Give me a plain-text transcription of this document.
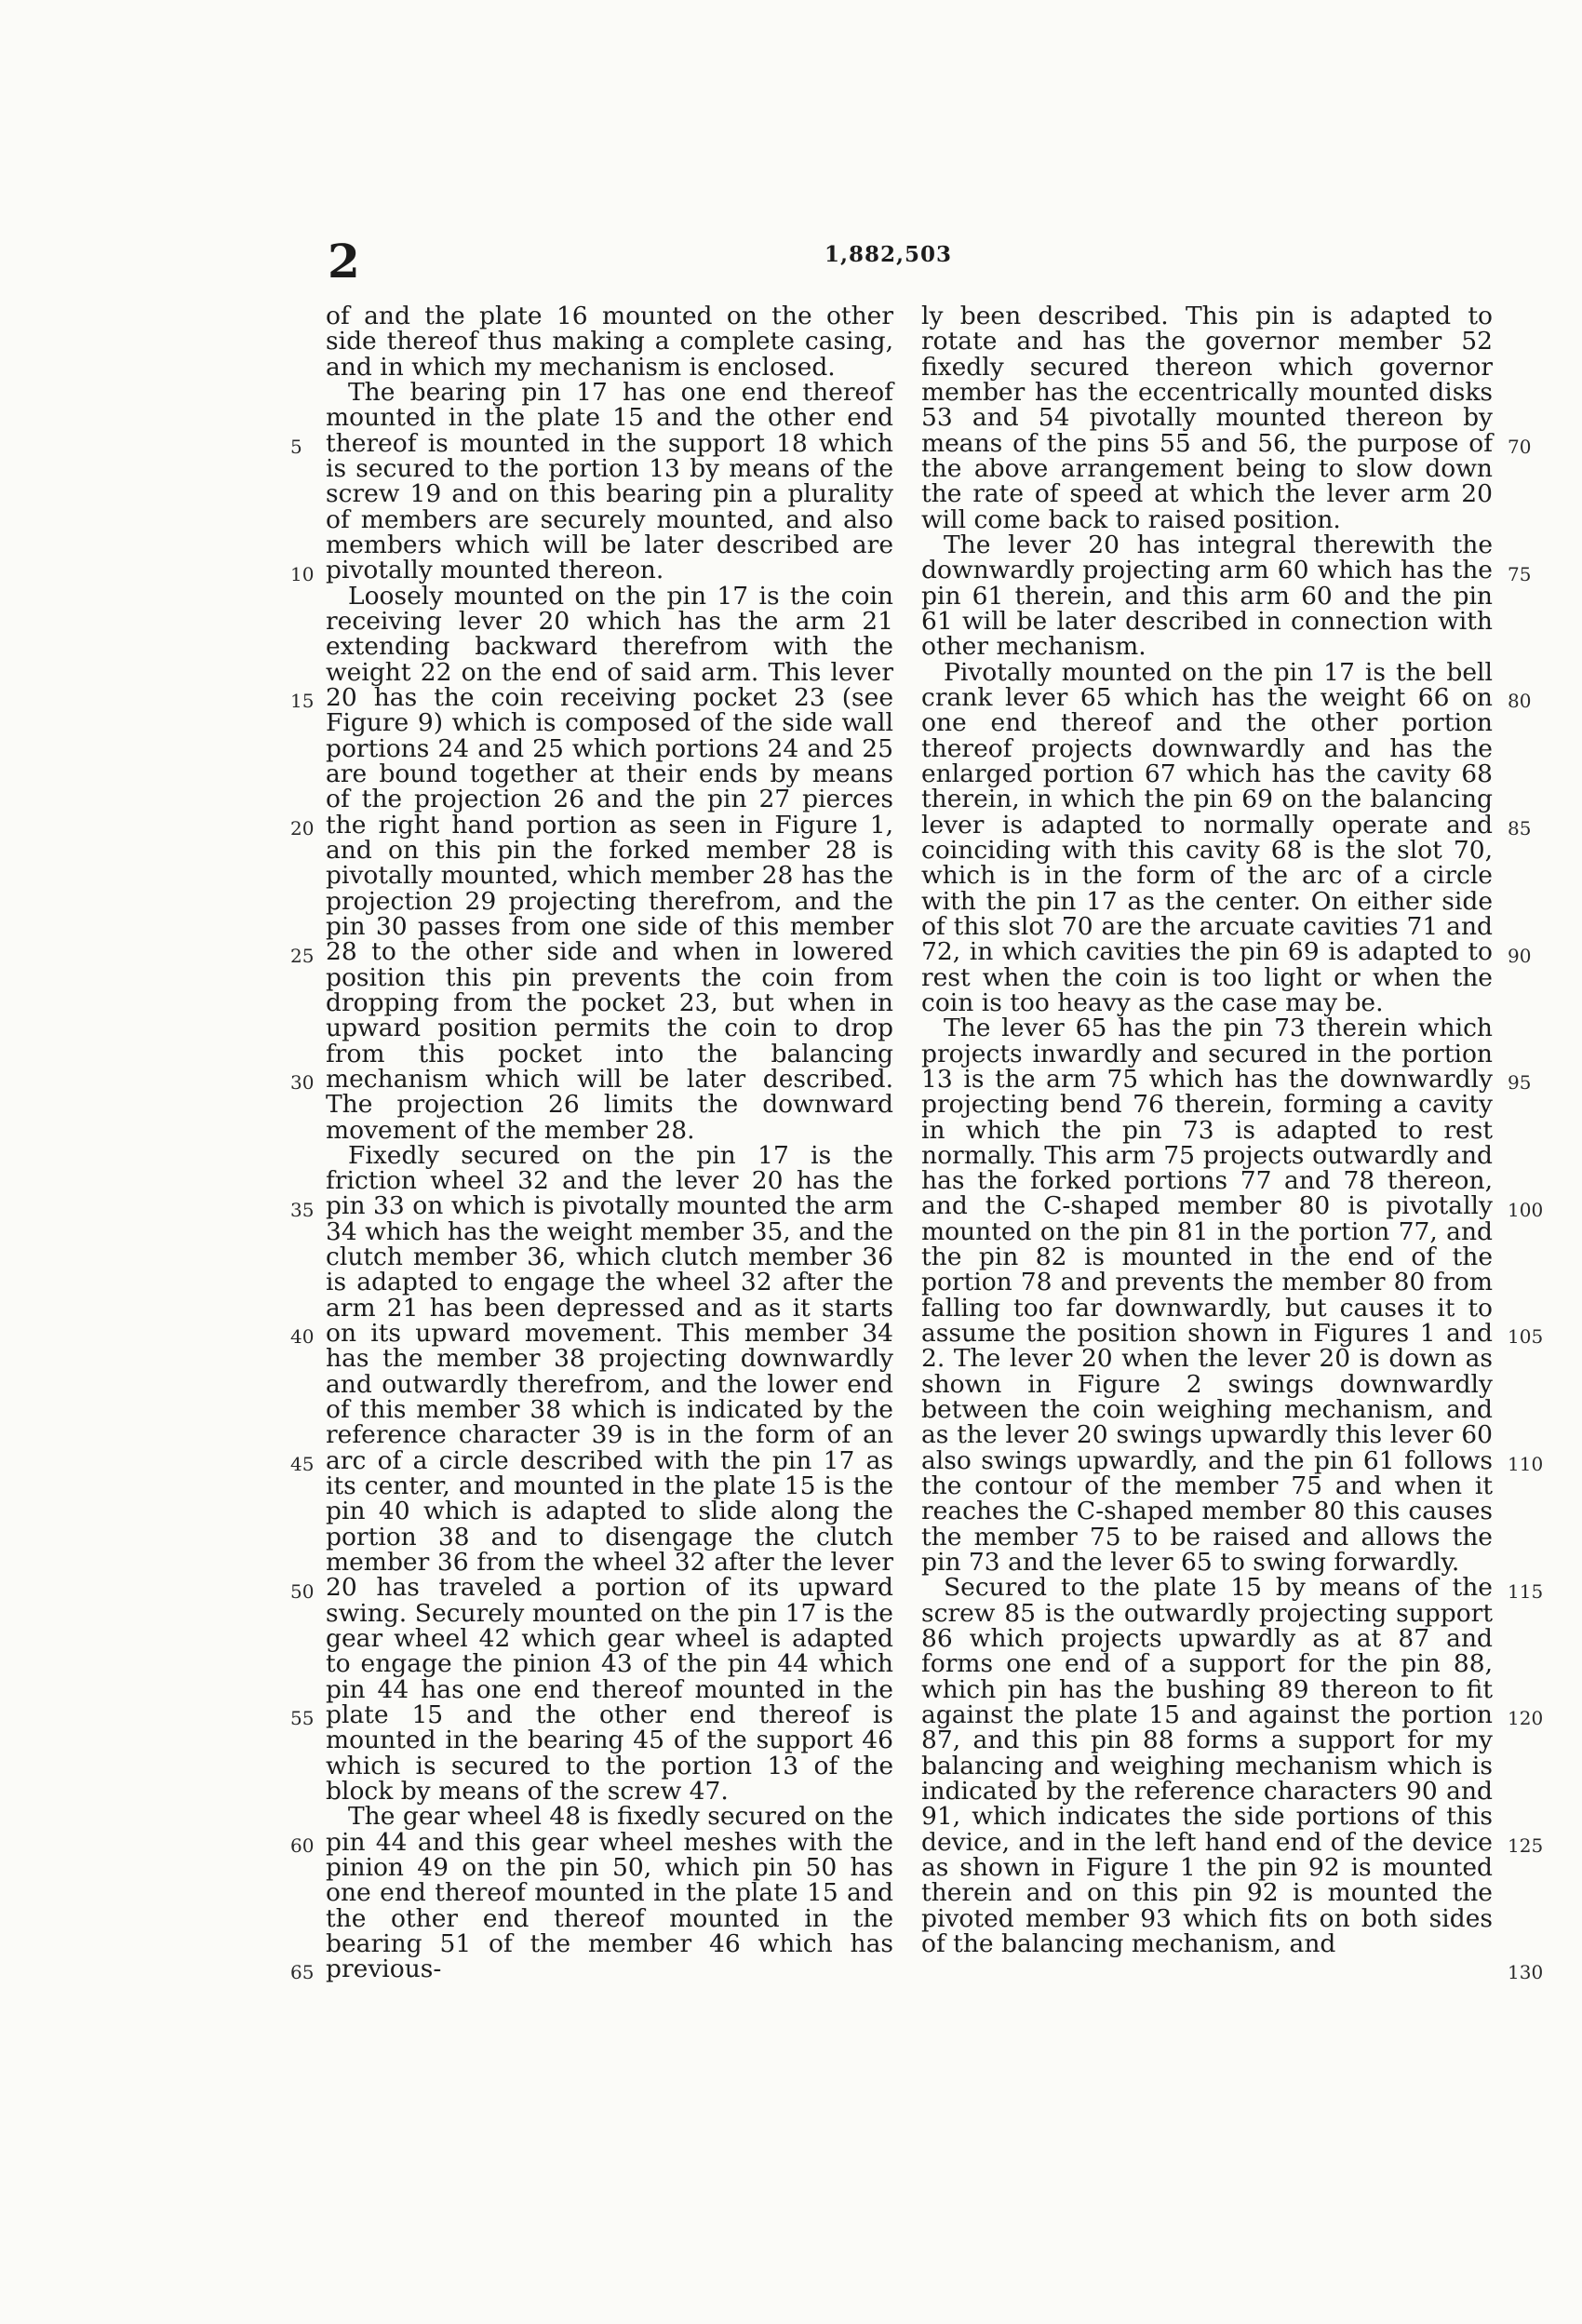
2	1,882,503

of and the plate 16 mounted on the other side thereof thus making a complete casing, and in which my mechanism is enclosed.

The bearing pin 17 has one end thereof mounted in the plate 15 and the other end thereof is mounted in the support 18 which is secured to the portion 13 by means of the screw 19 and on this bearing pin a plurality of members are securely mounted, and also members which will be later described are pivotally mounted thereon.

Loosely mounted on the pin 17 is the coin receiving lever 20 which has the arm 21 extending backward therefrom with the weight 22 on the end of said arm. This lever 20 has the coin receiving pocket 23 (see Figure 9) which is composed of the side wall portions 24 and 25 which portions 24 and 25 are bound together at their ends by means of the projection 26 and the pin 27 pierces the right hand portion as seen in Figure 1, and on this pin the forked member 28 is pivotally mounted, which member 28 has the projection 29 projecting therefrom, and the pin 30 passes from one side of this member 28 to the other side and when in lowered position this pin prevents the coin from dropping from the pocket 23, but when in upward position permits the coin to drop from this pocket into the balancing mechanism which will be later described. The projection 26 limits the downward movement of the member 28.

Fixedly secured on the pin 17 is the friction wheel 32 and the lever 20 has the pin 33 on which is pivotally mounted the arm 34 which has the weight member 35, and the clutch member 36, which clutch member 36 is adapted to engage the wheel 32 after the arm 21 has been depressed and as it starts on its upward movement. This member 34 has the member 38 projecting downwardly and outwardly therefrom, and the lower end of this member 38 which is indicated by the reference character 39 is in the form of an arc of a circle described with the pin 17 as its center, and mounted in the plate 15 is the pin 40 which is adapted to slide along the portion 38 and to disengage the clutch member 36 from the wheel 32 after the lever 20 has traveled a portion of its upward swing. Securely mounted on the pin 17 is the gear wheel 42 which gear wheel is adapted to engage the pinion 43 of the pin 44 which pin 44 has one end thereof mounted in the plate 15 and the other end thereof is mounted in the bearing 45 of the support 46 which is secured to the portion 13 of the block by means of the screw 47.

The gear wheel 48 is fixedly secured on the pin 44 and this gear wheel meshes with the pinion 49 on the pin 50, which pin 50 has one end thereof mounted in the plate 15 and the other end thereof mounted in the bearing 51 of the member 46 which has previous-

ly been described. This pin is adapted to rotate and has the governor member 52 fixedly secured thereon which governor member has the eccentrically mounted disks 53 and 54 pivotally mounted thereon by means of the pins 55 and 56, the purpose of the above arrangement being to slow down the rate of speed at which the lever arm 20 will come back to raised position.

The lever 20 has integral therewith the downwardly projecting arm 60 which has the pin 61 therein, and this arm 60 and the pin 61 will be later described in connection with other mechanism.

Pivotally mounted on the pin 17 is the bell crank lever 65 which has the weight 66 on one end thereof and the other portion thereof projects downwardly and has the enlarged portion 67 which has the cavity 68 therein, in which the pin 69 on the balancing lever is adapted to normally operate and coinciding with this cavity 68 is the slot 70, which is in the form of the arc of a circle with the pin 17 as the center. On either side of this slot 70 are the arcuate cavities 71 and 72, in which cavities the pin 69 is adapted to rest when the coin is too light or when the coin is too heavy as the case may be.

The lever 65 has the pin 73 therein which projects inwardly and secured in the portion 13 is the arm 75 which has the downwardly projecting bend 76 therein, forming a cavity in which the pin 73 is adapted to rest normally. This arm 75 projects outwardly and has the forked portions 77 and 78 thereon, and the C-shaped member 80 is pivotally mounted on the pin 81 in the portion 77, and the pin 82 is mounted in the end of the portion 78 and prevents the member 80 from falling too far downwardly, but causes it to assume the position shown in Figures 1 and 2. The lever 20 when the lever 20 is down as shown in Figure 2 swings downwardly between the coin weighing mechanism, and as the lever 20 swings upwardly this lever 60 also swings upwardly, and the pin 61 follows the contour of the member 75 and when it reaches the C-shaped member 80 this causes the member 75 to be raised and allows the pin 73 and the lever 65 to swing forwardly.

Secured to the plate 15 by means of the screw 85 is the outwardly projecting support 86 which projects upwardly as at 87 and forms one end of a support for the pin 88, which pin has the bushing 89 thereon to fit against the plate 15 and against the portion 87, and this pin 88 forms a support for my balancing and weighing mechanism which is indicated by the reference characters 90 and 91, which indicates the side portions of this device, and in the left hand end of the device as shown in Figure 1 the pin 92 is mounted therein and on this pin 92 is mounted the pivoted member 93 which fits on both sides of the balancing mechanism, and

5
10
15
20
25
30
35
40
45
50
55
60
65
70
75
80
85
90
95
100
105
110
115
120
125
130
